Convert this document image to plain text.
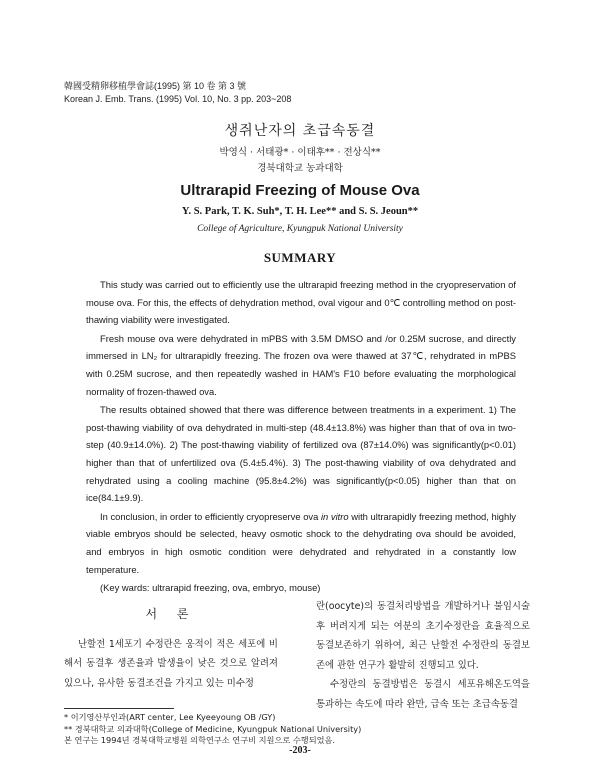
韓國受精卵移植學會誌(1995) 第 10 卷 第 3 號
Korean J. Emb. Trans. (1995) Vol. 10, No. 3 pp. 203~208
생쥐난자의 초급속동결
박영식 · 서태광* · 이태후** · 전상식**
경북대학교 농과대학
Ultrarapid Freezing of Mouse Ova
Y. S. Park, T. K. Suh*, T. H. Lee** and S. S. Jeoun**
College of Agriculture, Kyungpuk National University
SUMMARY

This study was carried out to efficiently use the ultrarapid freezing method in the cryopreservation of mouse ova. For this, the effects of dehydration method, oval vigour and 0℃ controlling method on post-thawing viability were investigated.

Fresh mouse ova were dehydrated in mPBS with 3.5M DMSO and /or 0.25M sucrose, and directly immersed in LN₂ for ultrarapidly freezing. The frozen ova were thawed at 37℃, rehydrated in mPBS with 0.25M sucrose, and then repeatedly washed in HAM's F10 before evaluating the morphological normality of frozen-thawed ova.

The results obtained showed that there was difference between treatments in a experiment. 1) The post-thawing viability of ova dehydrated in multi-step (48.4±13.8%) was higher than that of ova in two-step (40.9±14.0%). 2) The post-thawing viability of fertilized ova (87±14.0%) was significantly(p<0.01) higher than that of unfertilized ova (5.4±5.4%). 3) The post-thawing viability of ova dehydrated and rehydrated using a cooling machine (95.8±4.2%) was significantly(p<0.05) higher than that on ice(84.1±9.9).

In conclusion, in order to efficiently cryopreserve ova in vitro with ultrarapidly freezing method, highly viable embryos should be selected, heavy osmotic shock to the dehydrating ova should be avoided, and embryos in high osmotic condition were dehydrated and rehydrated in a constantly low temperature.

(Key wards: ultrarapid freezing, ova, embryo, mouse)

서 론

난할전 1세포기 수정란은 웅적이 적은 세포에 비해서 동결후 생존율과 발생율이 낮은 것으로 알려져 있으나, 유사한 동결조건을 가지고 있는 미수정

란(oocyte)의 동결처리방법을 개발하거나 불임시술후 버려지게 되는 여분의 초기수정란을 효율적으로 동결보존하기 위하여, 최근 난할전 수정란의 동결보존에 관한 연구가 활발히 진행되고 있다.

수정란의 동결방법은 동결시 세포유해온도역을 통과하는 속도에 따라 완만, 급속 또는 초급속동결

* 이기영산부인과(ART center, Lee Kyeeyoung OB /GY)
** 경북대학교 의과대학(College of Medicine, Kyungpuk National University)
본 연구는 1994년 경북대학교병원 의학연구소 연구비 지원으로 수행되었음.
-203-
